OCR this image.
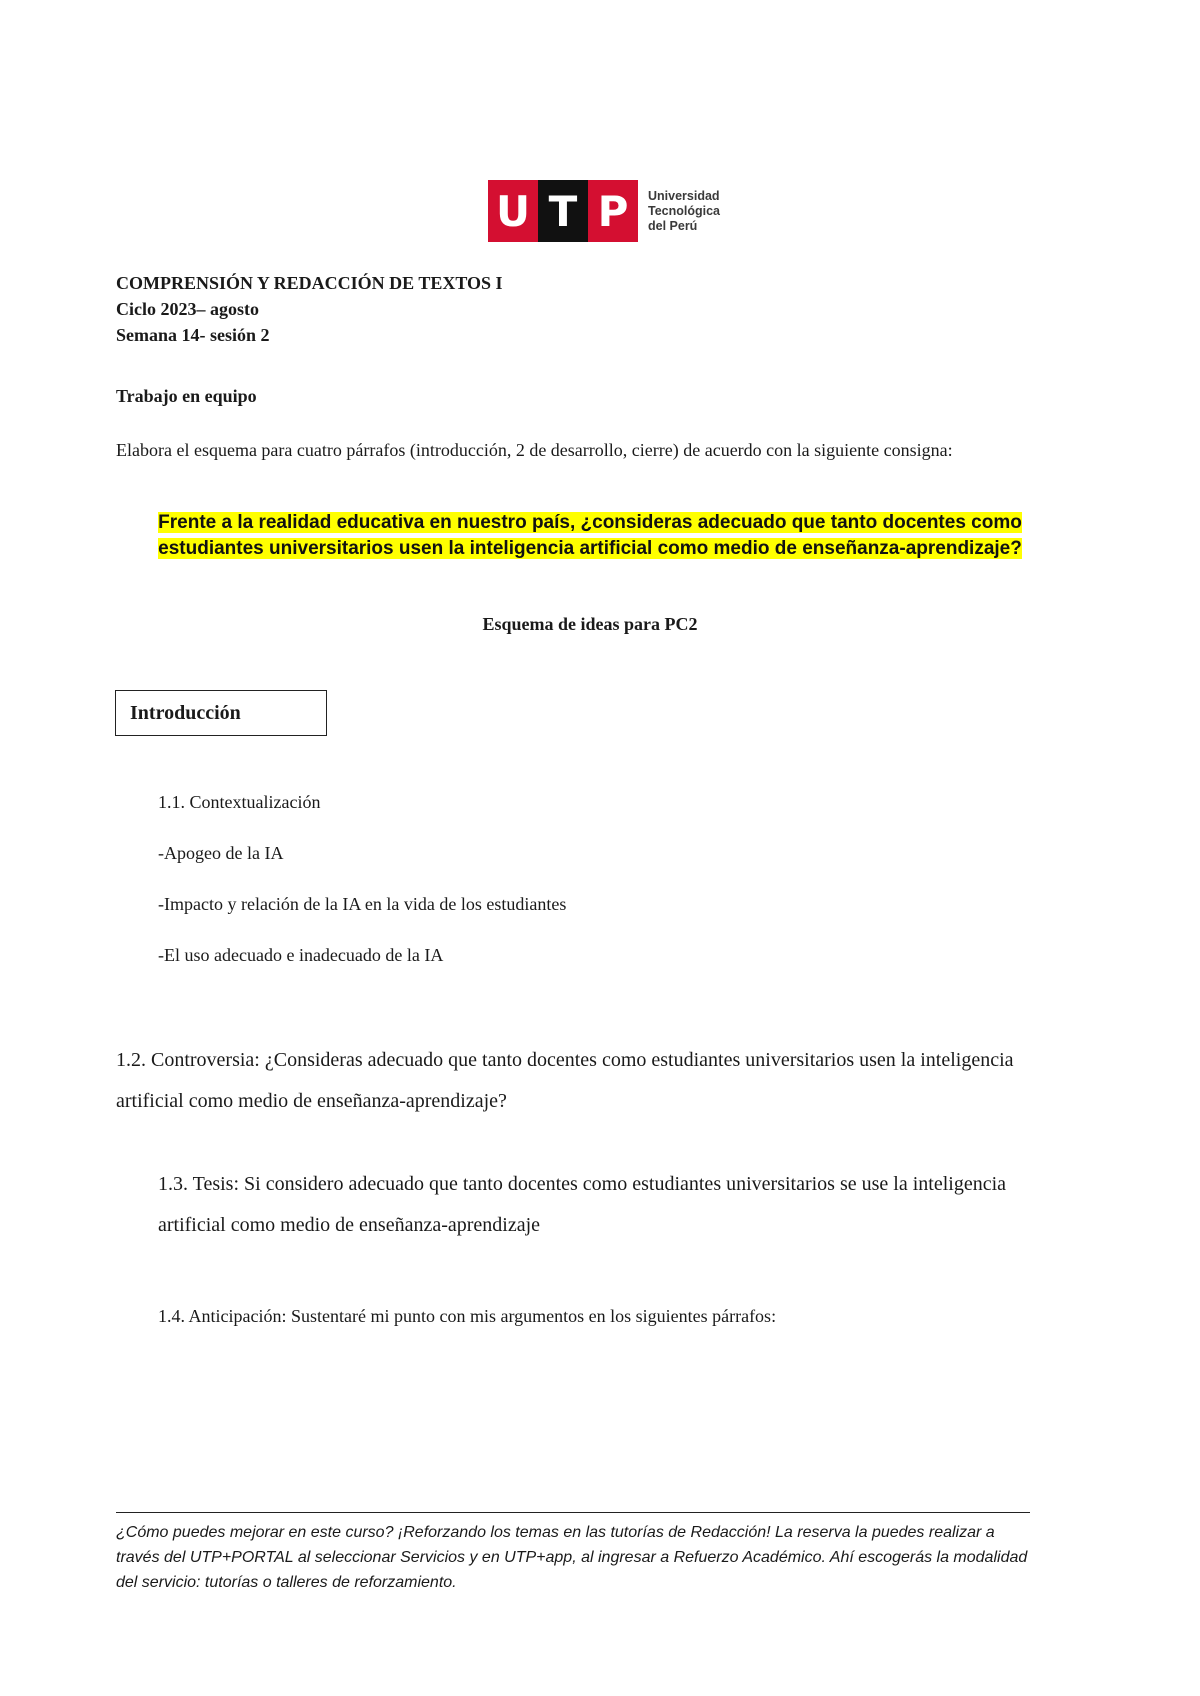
U T P	Universidad
Tecnológica
del Perú
COMPRENSIÓN Y REDACCIÓN DE TEXTOS I
Ciclo 2023– agosto
Semana 14- sesión 2
Trabajo en equipo
Elabora el esquema para cuatro párrafos (introducción, 2 de desarrollo, cierre) de acuerdo con la siguiente consigna:
Frente a la realidad educativa en nuestro país, ¿consideras adecuado que tanto docentes como estudiantes universitarios usen la inteligencia artificial como medio de enseñanza-aprendizaje?
Esquema de ideas para PC2
Introducción
1.1. Contextualización
-Apogeo de la IA
-Impacto y relación de la IA en la vida de los estudiantes
-El uso adecuado e inadecuado de la IA
1.2. Controversia: ¿Consideras adecuado que tanto docentes como estudiantes universitarios usen la inteligencia artificial como medio de enseñanza-aprendizaje?
1.3. Tesis: Si considero adecuado que tanto docentes como estudiantes universitarios se use la inteligencia artificial como medio de enseñanza-aprendizaje
1.4. Anticipación: Sustentaré mi punto con mis argumentos en los siguientes párrafos:
¿Cómo puedes mejorar en este curso? ¡Reforzando los temas en las tutorías de Redacción! La reserva la puedes realizar a través del UTP+PORTAL al seleccionar Servicios y en UTP+app, al ingresar a Refuerzo Académico. Ahí escogerás la modalidad del servicio: tutorías o talleres de reforzamiento.
